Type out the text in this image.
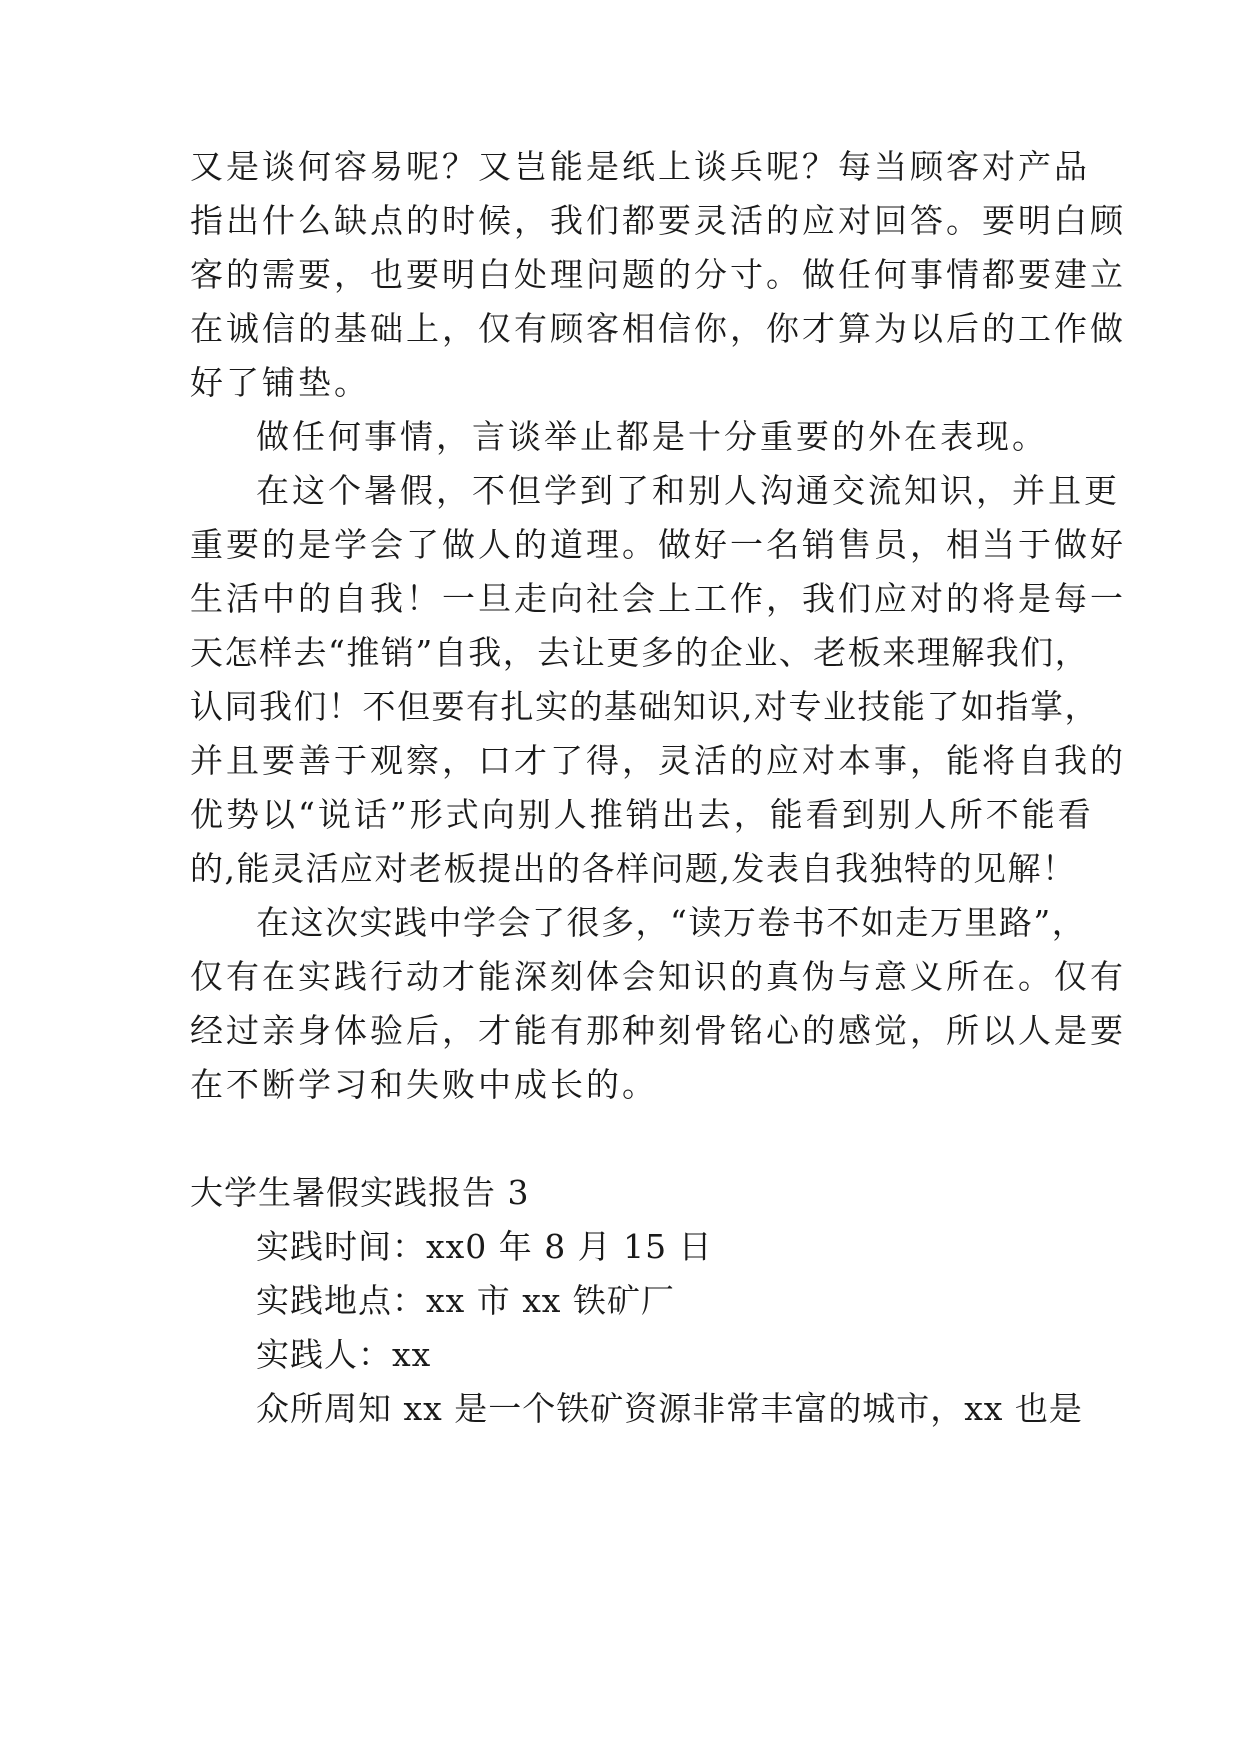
又是谈何容易呢？又岂能是纸上谈兵呢？每当顾客对产品
指出什么缺点的时候，我们都要灵活的应对回答。要明白顾
客的需要，也要明白处理问题的分寸。做任何事情都要建立
在诚信的基础上，仅有顾客相信你，你才算为以后的工作做
好了铺垫。
做任何事情，言谈举止都是十分重要的外在表现。
在这个暑假，不但学到了和别人沟通交流知识，并且更
重要的是学会了做人的道理。做好一名销售员，相当于做好
生活中的自我！一旦走向社会上工作，我们应对的将是每一
天怎样去“推销”自我，去让更多的企业、老板来理解我们，
认同我们！不但要有扎实的基础知识,对专业技能了如指掌，
并且要善于观察，口才了得，灵活的应对本事，能将自我的
优势以“说话”形式向别人推销出去，能看到别人所不能看
的,能灵活应对老板提出的各样问题,发表自我独特的见解！
在这次实践中学会了很多，“读万卷书不如走万里路”，
仅有在实践行动才能深刻体会知识的真伪与意义所在。仅有
经过亲身体验后，才能有那种刻骨铭心的感觉，所以人是要
在不断学习和失败中成长的。
大学生暑假实践报告 3
实践时间：xx0 年 8 月 15 日
实践地点：xx 市 xx 铁矿厂
实践人：xx
众所周知 xx 是一个铁矿资源非常丰富的城市，xx 也是
